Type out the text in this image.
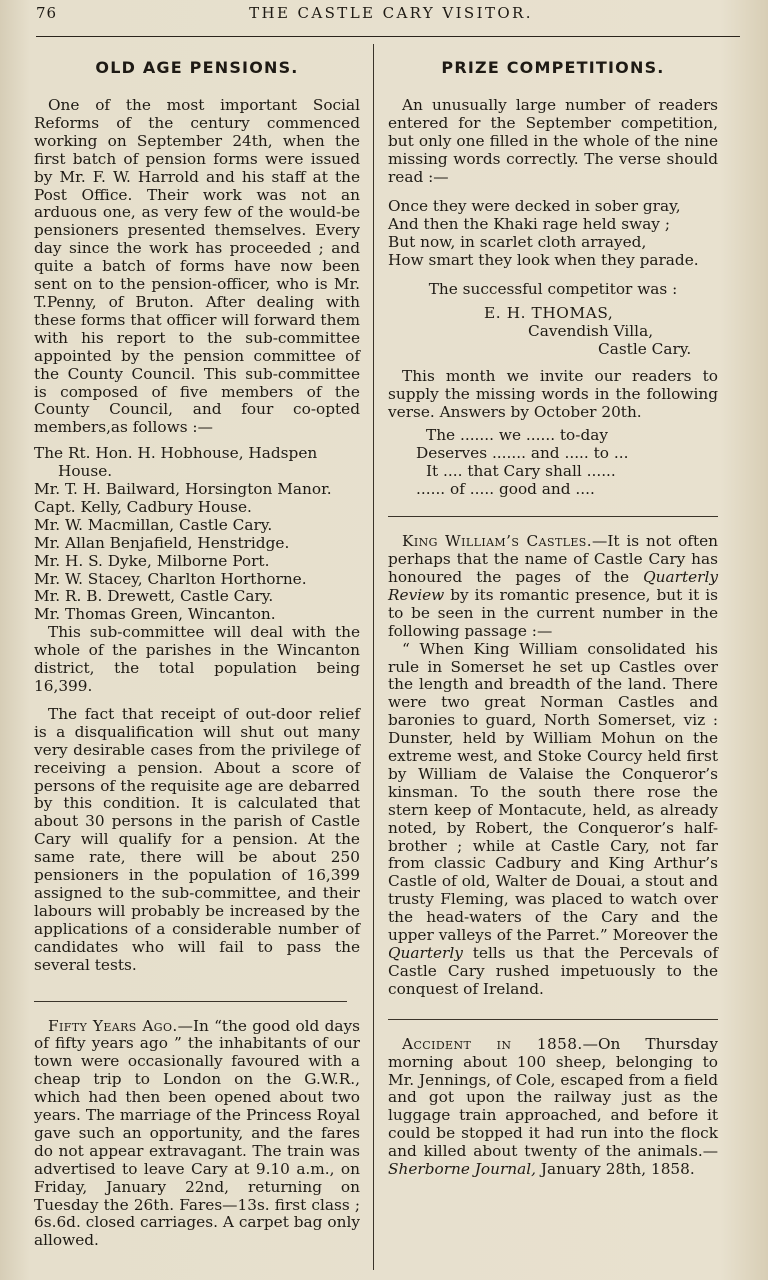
76	THE CASTLE CARY VISITOR.
OLD AGE PENSIONS.

One of the most important Social Reforms of the century commenced working on September 24th, when the first batch of pension forms were issued by Mr. F. W. Harrold and his staff at the Post Office. Their work was not an arduous one, as very few of the would-be pensioners presented themselves. Every day since the work has proceeded ; and quite a batch of forms have now been sent on to the pension-officer, who is Mr. T.Penny, of Bruton. After dealing with these forms that officer will forward them with his report to the sub-committee appointed by the pension committee of the County Council. This sub-committee is composed of five members of the County Council, and four co-opted members,as follows :—

The Rt. Hon. H. Hobhouse, Hadspen House.
Mr. T. H. Bailward, Horsington Manor.
Capt. Kelly, Cadbury House.
Mr. W. Macmillan, Castle Cary.
Mr. Allan Benjafield, Henstridge.
Mr. H. S. Dyke, Milborne Port.
Mr. W. Stacey, Charlton Horthorne.
Mr. R. B. Drewett, Castle Cary.
Mr. Thomas Green, Wincanton.

This sub-committee will deal with the whole of the parishes in the Wincanton district, the total population being 16,399.

The fact that receipt of out-door relief is a disqualification will shut out many very desirable cases from the privilege of receiving a pension. About a score of persons of the requisite age are debarred by this condition. It is calculated that about 30 persons in the parish of Castle Cary will qualify for a pension. At the same rate, there will be about 250 pensioners in the population of 16,399 assigned to the sub-committee, and their labours will probably be increased by the applications of a considerable number of candidates who will fail to pass the several tests.

Fifty Years Ago.—In “the good old days of fifty years ago ” the inhabitants of our town were occasionally favoured with a cheap trip to London on the G.W.R., which had then been opened about two years. The marriage of the Princess Royal gave such an opportunity, and the fares do not appear extravagant. The train was advertised to leave Cary at 9.10 a.m., on Friday, January 22nd, returning on Tuesday the 26th. Fares—13s. first class ; 6s.6d. closed carriages. A carpet bag only allowed.

PRIZE COMPETITIONS.

An unusually large number of readers entered for the September competition, but only one filled in the whole of the nine missing words correctly. The verse should read :—

Once they were decked in sober gray,
And then the Khaki rage held sway ;
But now, in scarlet cloth arrayed,
How smart they look when they parade.

The successful competitor was :

E. H. THOMAS,
Cavendish Villa,
Castle Cary.

This month we invite our readers to supply the missing words in the following verse. Answers by October 20th.

The ....... we ...... to-day
Deserves ....... and ..... to ...
It .... that Cary shall ......
...... of ..... good and ....

King William’s Castles.—It is not often perhaps that the name of Castle Cary has honoured the pages of the Quarterly Review by its romantic presence, but it is to be seen in the current number in the following passage :—

“ When King William consolidated his rule in Somerset he set up Castles over the length and breadth of the land. There were two great Norman Castles and baronies to guard, North Somerset, viz : Dunster, held by William Mohun on the extreme west, and Stoke Courcy held first by William de Valaise the Conqueror’s kinsman. To the south there rose the stern keep of Montacute, held, as already noted, by Robert, the Conqueror’s half-brother ; while at Castle Cary, not far from classic Cadbury and King Arthur’s Castle of old, Walter de Douai, a stout and trusty Fleming, was placed to watch over the head-waters of the Cary and the upper valleys of the Parret.” Moreover the Quarterly tells us that the Percevals of Castle Cary rushed impetuously to the conquest of Ireland.

Accident in 1858.—On Thursday morning about 100 sheep, belonging to Mr. Jennings, of Cole, escaped from a field and got upon the railway just as the luggage train approached, and before it could be stopped it had run into the flock and killed about twenty of the animals.—Sherborne Journal, January 28th, 1858.
